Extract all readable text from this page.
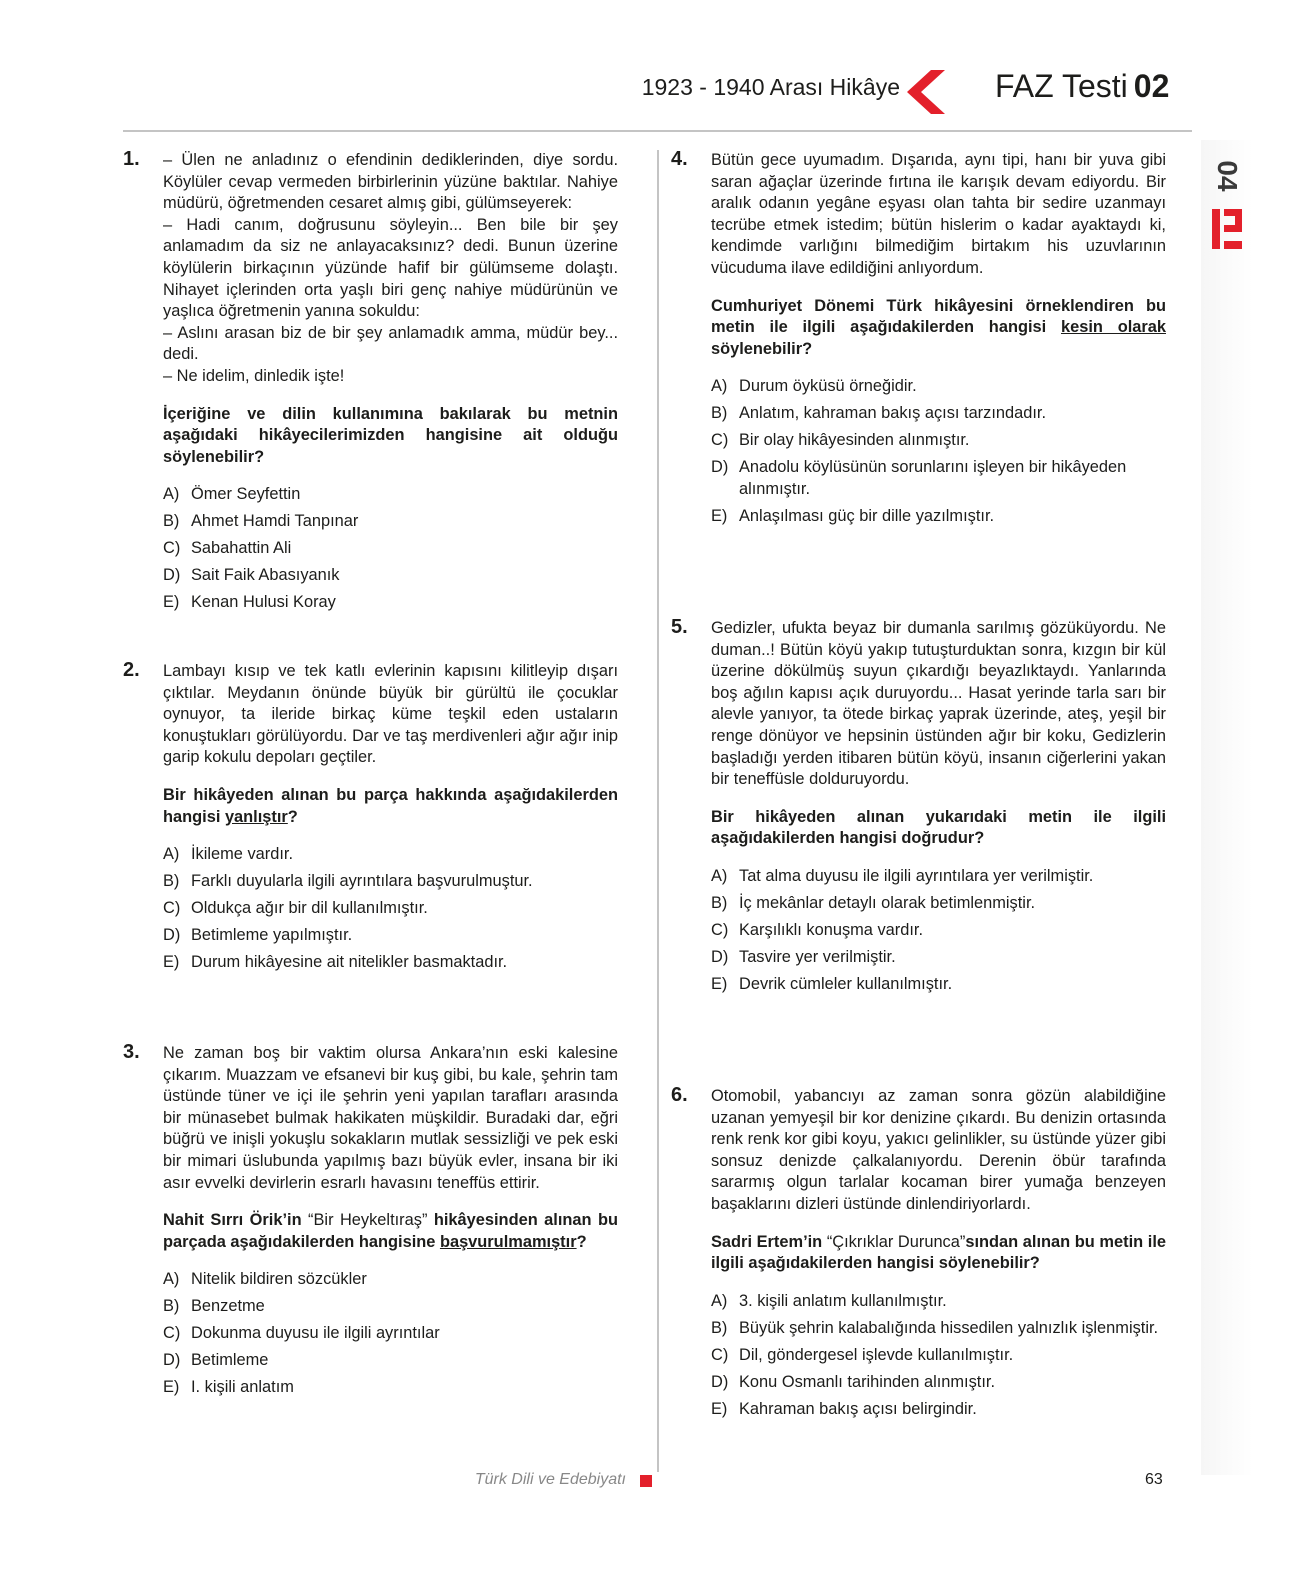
1923 - 1940 Arası Hikâye	FAZ Testi 02
04
1. – Ülen ne anladınız o efendinin dediklerinden, diye sordu. Köylüler cevap vermeden birbirlerinin yüzüne baktılar. Nahiye müdürü, öğretmenden cesaret almış gibi, gülümseyerek:
– Hadi canım, doğrusunu söyleyin... Ben bile bir şey anlamadım da siz ne anlayacaksınız? dedi. Bunun üzerine köylülerin birkaçının yüzünde hafif bir gülümseme dolaştı. Nihayet içlerinden orta yaşlı biri genç nahiye müdürünün ve yaşlıca öğretmenin yanına sokuldu:
– Aslını arasan biz de bir şey anlamadık amma, müdür bey... dedi.
– Ne idelim, dinledik işte!

İçeriğine ve dilin kullanımına bakılarak bu metnin aşağıdaki hikâyecilerimizden hangisine ait olduğu söylenebilir?

A) Ömer Seyfettin
B) Ahmet Hamdi Tanpınar
C) Sabahattin Ali
D) Sait Faik Abasıyanık
E) Kenan Hulusi Koray
2. Lambayı kısıp ve tek katlı evlerinin kapısını kilitleyip dışarı çıktılar. Meydanın önünde büyük bir gürültü ile çocuklar oynuyor, ta ileride birkaç küme teşkil eden ustaların konuştukları görülüyordu. Dar ve taş merdivenleri ağır ağır inip garip kokulu depoları geçtiler.

Bir hikâyeden alınan bu parça hakkında aşağıdakilerden hangisi yanlıştır?

A) İkileme vardır.
B) Farklı duyularla ilgili ayrıntılara başvurulmuştur.
C) Oldukça ağır bir dil kullanılmıştır.
D) Betimleme yapılmıştır.
E) Durum hikâyesine ait nitelikler basmaktadır.
3. Ne zaman boş bir vaktim olursa Ankara’nın eski kalesine çıkarım. Muazzam ve efsanevi bir kuş gibi, bu kale, şehrin tam üstünde tüner ve içi ile şehrin yeni yapılan tarafları arasında bir münasebet bulmak hakikaten müşkildir. Buradaki dar, eğri büğrü ve inişli yokuşlu sokakların mutlak sessizliği ve pek eski bir mimari üslubunda yapılmış bazı büyük evler, insana bir iki asır evvelki devirlerin esrarlı havasını teneffüs ettirir.

Nahit Sırrı Örik’in “Bir Heykeltıraş” hikâyesinden alınan bu parçada aşağıdakilerden hangisine başvurulmamıştır?

A) Nitelik bildiren sözcükler
B) Benzetme
C) Dokunma duyusu ile ilgili ayrıntılar
D) Betimleme
E) I. kişili anlatım
4. Bütün gece uyumadım. Dışarıda, aynı tipi, hanı bir yuva gibi saran ağaçlar üzerinde fırtına ile karışık devam ediyordu. Bir aralık odanın yegâne eşyası olan tahta bir sedire uzanmayı tecrübe etmek istedim; bütün hislerim o kadar ayaktaydı ki, kendimde varlığını bilmediğim birtakım his uzuvlarının vücuduma ilave edildiğini anlıyordum.

Cumhuriyet Dönemi Türk hikâyesini örneklendiren bu metin ile ilgili aşağıdakilerden hangisi kesin olarak söylenebilir?

A) Durum öyküsü örneğidir.
B) Anlatım, kahraman bakış açısı tarzındadır.
C) Bir olay hikâyesinden alınmıştır.
D) Anadolu köylüsünün sorunlarını işleyen bir hikâyeden alınmıştır.
E) Anlaşılması güç bir dille yazılmıştır.
5. Gedizler, ufukta beyaz bir dumanla sarılmış gözüküyordu. Ne duman..! Bütün köyü yakıp tutuşturduktan sonra, kızgın bir kül üzerine dökülmüş suyun çıkardığı beyazlıktaydı. Yanlarında boş ağılın kapısı açık duruyordu... Hasat yerinde tarla sarı bir alevle yanıyor, ta ötede birkaç yaprak üzerinde, ateş, yeşil bir renge dönüyor ve hepsinin üstünden ağır bir koku, Gedizlerin başladığı yerden itibaren bütün köyü, insanın ciğerlerini yakan bir teneffüsle dolduruyordu.

Bir hikâyeden alınan yukarıdaki metin ile ilgili aşağıdakilerden hangisi doğrudur?

A) Tat alma duyusu ile ilgili ayrıntılara yer verilmiştir.
B) İç mekânlar detaylı olarak betimlenmiştir.
C) Karşılıklı konuşma vardır.
D) Tasvire yer verilmiştir.
E) Devrik cümleler kullanılmıştır.
6. Otomobil, yabancıyı az zaman sonra gözün alabildiğine uzanan yemyeşil bir kor denizine çıkardı. Bu denizin ortasında renk renk kor gibi koyu, yakıcı gelinlikler, su üstünde yüzer gibi sonsuz denizde çalkalanıyordu. Derenin öbür tarafında sararmış olgun tarlalar kocaman birer yumağa benzeyen başaklarını dizleri üstünde dinlendiriyorlardı.

Sadri Ertem’in “Çıkrıklar Durunca”sından alınan bu metin ile ilgili aşağıdakilerden hangisi söylenebilir?

A) 3. kişili anlatım kullanılmıştır.
B) Büyük şehrin kalabalığında hissedilen yalnızlık işlenmiştir.
C) Dil, göndergesel işlevde kullanılmıştır.
D) Konu Osmanlı tarihinden alınmıştır.
E) Kahraman bakış açısı belirgindir.
Türk Dili ve Edebiyatı	63
